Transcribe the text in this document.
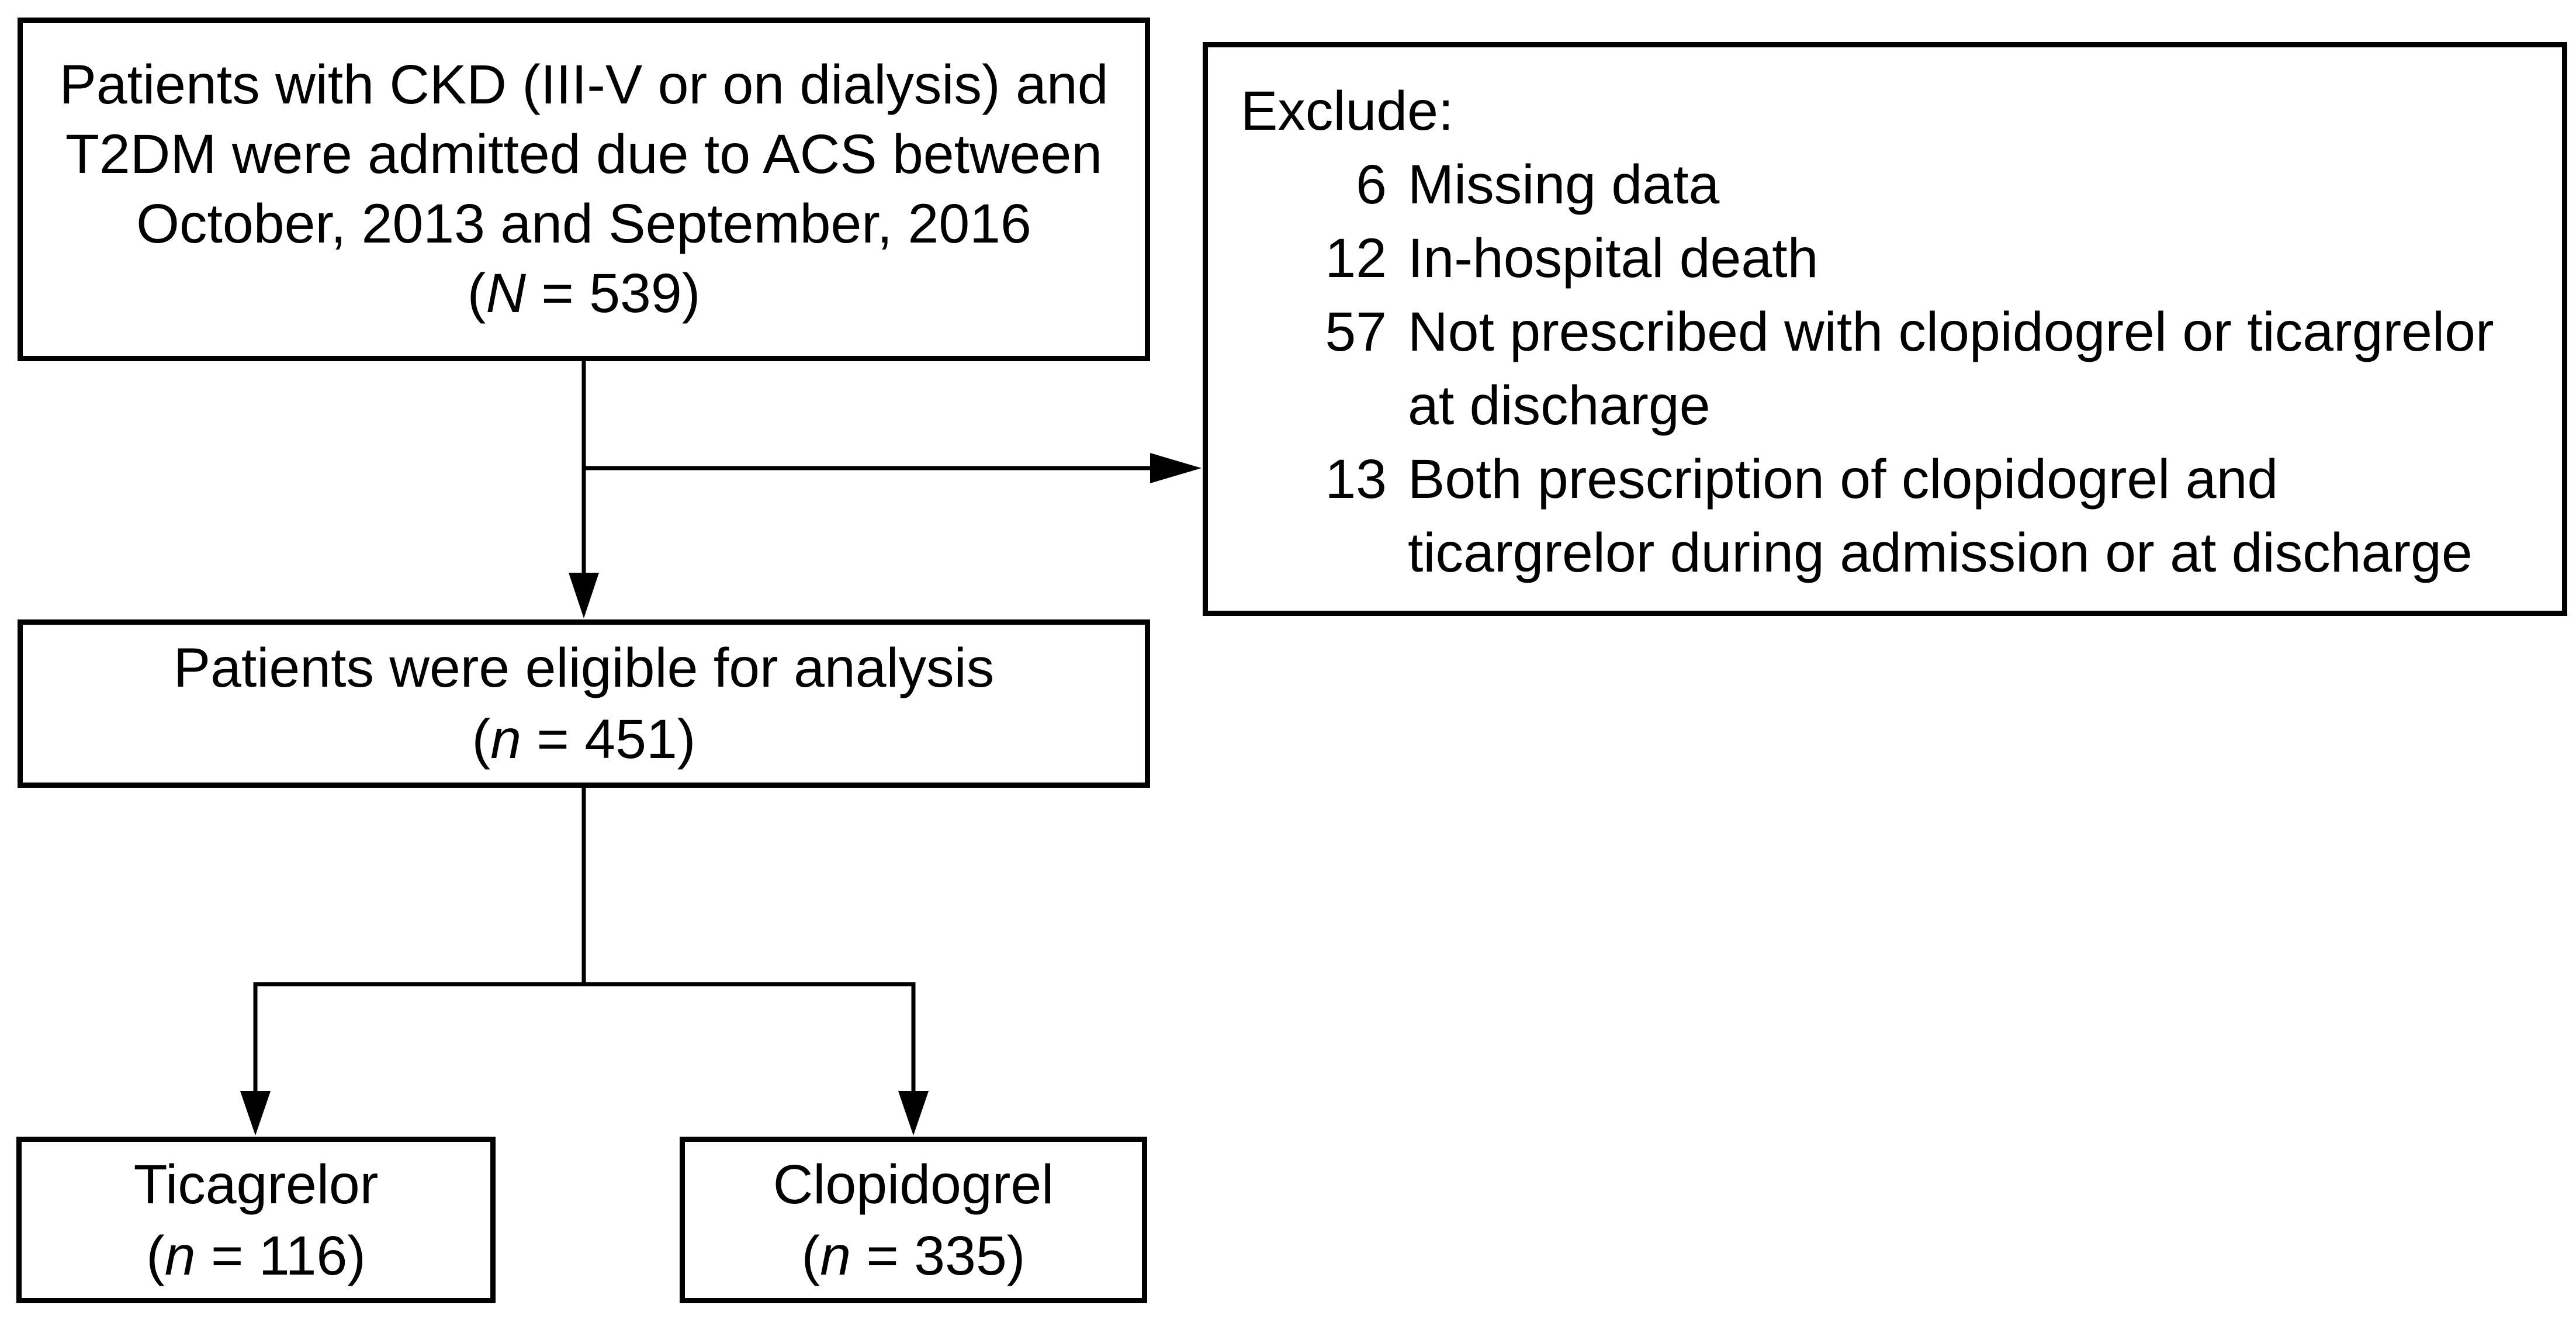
Patients with CKD (III-V or on dialysis) and
T2DM were admitted due to ACS between
October, 2013 and September, 2016
(N = 539)
Exclude:
6 Missing data
12 In-hospital death
57 Not prescribed with clopidogrel or ticargrelor
at discharge
13 Both prescription of clopidogrel and
ticargrelor during admission or at discharge
Patients were eligible for analysis
(n = 451)
Ticagrelor
(n = 116)
Clopidogrel
(n = 335)
